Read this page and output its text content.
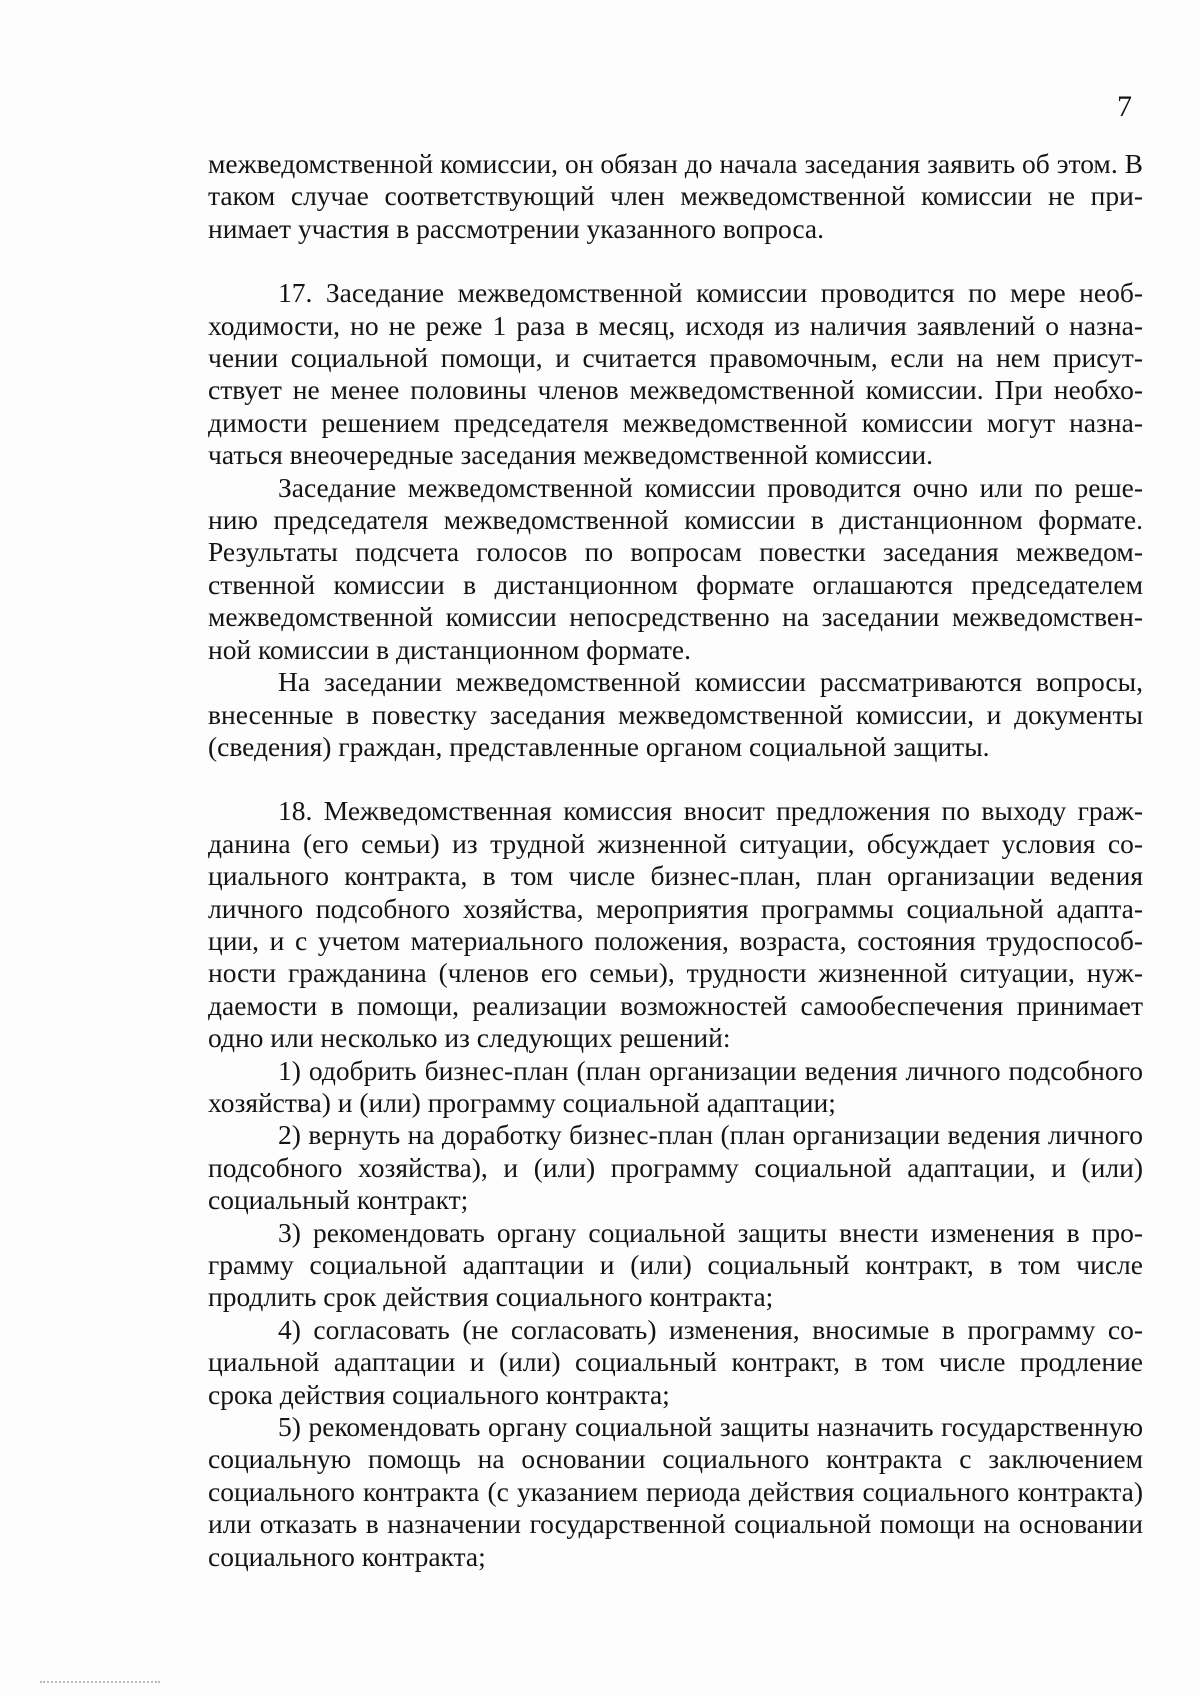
7

межведомственной комиссии, он обязан до начала заседания заявить об этом. В таком случае соответствующий член межведомственной комиссии не принимает участия в рассмотрении указанного вопроса.

17. Заседание межведомственной комиссии проводится по мере необходимости, но не реже 1 раза в месяц, исходя из наличия заявлений о назначении социальной помощи, и считается правомочным, если на нем присутствует не менее половины членов межведомственной комиссии. При необходимости решением председателя межведомственной комиссии могут назначаться внеочередные заседания межведомственной комиссии.

Заседание межведомственной комиссии проводится очно или по решению председателя межведомственной комиссии в дистанционном формате. Результаты подсчета голосов по вопросам повестки заседания межведомственной комиссии в дистанционном формате оглашаются председателем межведомственной комиссии непосредственно на заседании межведомственной комиссии в дистанционном формате.

На заседании межведомственной комиссии рассматриваются вопросы, внесенные в повестку заседания межведомственной комиссии, и документы (сведения) граждан, представленные органом социальной защиты.

18. Межведомственная комиссия вносит предложения по выходу гражданина (его семьи) из трудной жизненной ситуации, обсуждает условия социального контракта, в том числе бизнес-план, план организации ведения личного подсобного хозяйства, мероприятия программы социальной адаптации, и с учетом материального положения, возраста, состояния трудоспособности гражданина (членов его семьи), трудности жизненной ситуации, нуждаемости в помощи, реализации возможностей самообеспечения принимает одно или несколько из следующих решений:

1) одобрить бизнес-план (план организации ведения личного подсобного хозяйства) и (или) программу социальной адаптации;

2) вернуть на доработку бизнес-план (план организации ведения личного подсобного хозяйства), и (или) программу социальной адаптации, и (или) социальный контракт;

3) рекомендовать органу социальной защиты внести изменения в программу социальной адаптации и (или) социальный контракт, в том числе продлить срок действия социального контракта;

4) согласовать (не согласовать) изменения, вносимые в программу социальной адаптации и (или) социальный контракт, в том числе продление срока действия социального контракта;

5) рекомендовать органу социальной защиты назначить государственную социальную помощь на основании социального контракта с заключением социального контракта (с указанием периода действия социального контракта) или отказать в назначении государственной социальной помощи на основании социального контракта;
